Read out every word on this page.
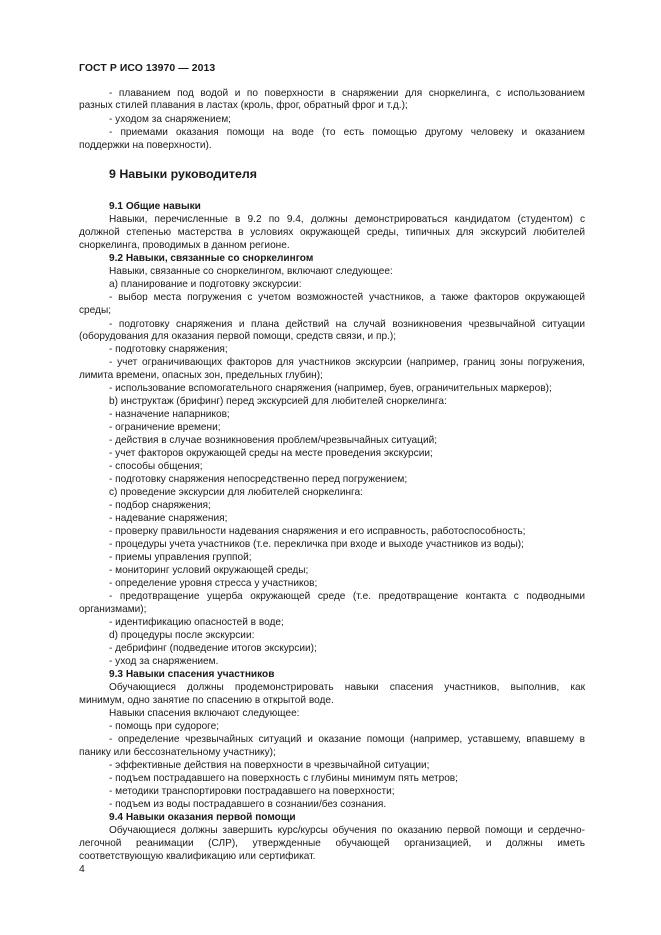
ГОСТ Р ИСО 13970 — 2013
9 Навыки руководителя
- плаванием под водой и по поверхности в снаряжении для сноркелинга, с использованием
разных стилей плавания в ластах (кроль, фрог, обратный фрог и т.д.);
- уходом за снаряжением;
- приемами оказания помощи на воде (то есть помощью другому человеку и оказанием
поддержки на поверхности).
9.1 Общие навыки
Навыки, перечисленные в 9.2 по 9.4, должны демонстрироваться кандидатом (студентом) с
должной степенью мастерства в условиях окружающей среды, типичных для экскурсий любителей
сноркелинга, проводимых в данном регионе.
9.2 Навыки, связанные со сноркелингом
Навыки, связанные со сноркелингом, включают следующее:
a) планирование и подготовку экскурсии:
- выбор места погружения с учетом возможностей участников, а также факторов окружающей
среды;
- подготовку снаряжения и плана действий на случай возникновения чрезвычайной ситуации
(оборудования для оказания первой помощи, средств связи, и пр.);
- подготовку снаряжения;
- учет ограничивающих факторов для участников экскурсии (например, границ зоны погружения,
лимита времени, опасных зон, предельных глубин);
- использование вспомогательного снаряжения (например, буев, ограничительных маркеров);
b) инструктаж (брифинг) перед экскурсией для любителей сноркелинга:
- назначение напарников;
- ограничение времени;
- действия в случае возникновения проблем/чрезвычайных ситуаций;
- учет факторов окружающей среды на месте проведения экскурсии;
- способы общения;
- подготовку снаряжения непосредственно перед погружением;
c) проведение экскурсии для любителей сноркелинга:
- подбор снаряжения;
- надевание снаряжения;
- проверку правильности надевания снаряжения и его исправность, работоспособность;
- процедуры учета участников (т.е. перекличка при входе и выходе участников из воды);
- приемы управления группой;
- мониторинг условий окружающей среды;
- определение уровня стресса у участников;
- предотвращение ущерба окружающей среде (т.е. предотвращение контакта с подводными
организмами);
- идентификацию опасностей в воде;
d) процедуры после экскурсии:
- дебрифинг (подведение итогов экскурсии);
- уход за снаряжением.
9.3 Навыки спасения участников
Обучающиеся должны продемонстрировать навыки спасения участников, выполнив, как
минимум, одно занятие по спасению в открытой воде.
Навыки спасения включают следующее:
- помощь при судороге;
- определение чрезвычайных ситуаций и оказание помощи (например, уставшему, впавшему в
панику или бессознательному участнику);
- эффективные действия на поверхности в чрезвычайной ситуации;
- подъем пострадавшего на поверхность с глубины минимум пять метров;
- методики транспортировки пострадавшего на поверхности;
- подъем из воды пострадавшего в сознании/без сознания.
9.4 Навыки оказания первой помощи
Обучающиеся должны завершить курс/курсы обучения по оказанию первой помощи и сердечно-
легочной реанимации (СЛР), утвержденные обучающей организацией, и должны иметь
соответствующую квалификацию или сертификат.
4
